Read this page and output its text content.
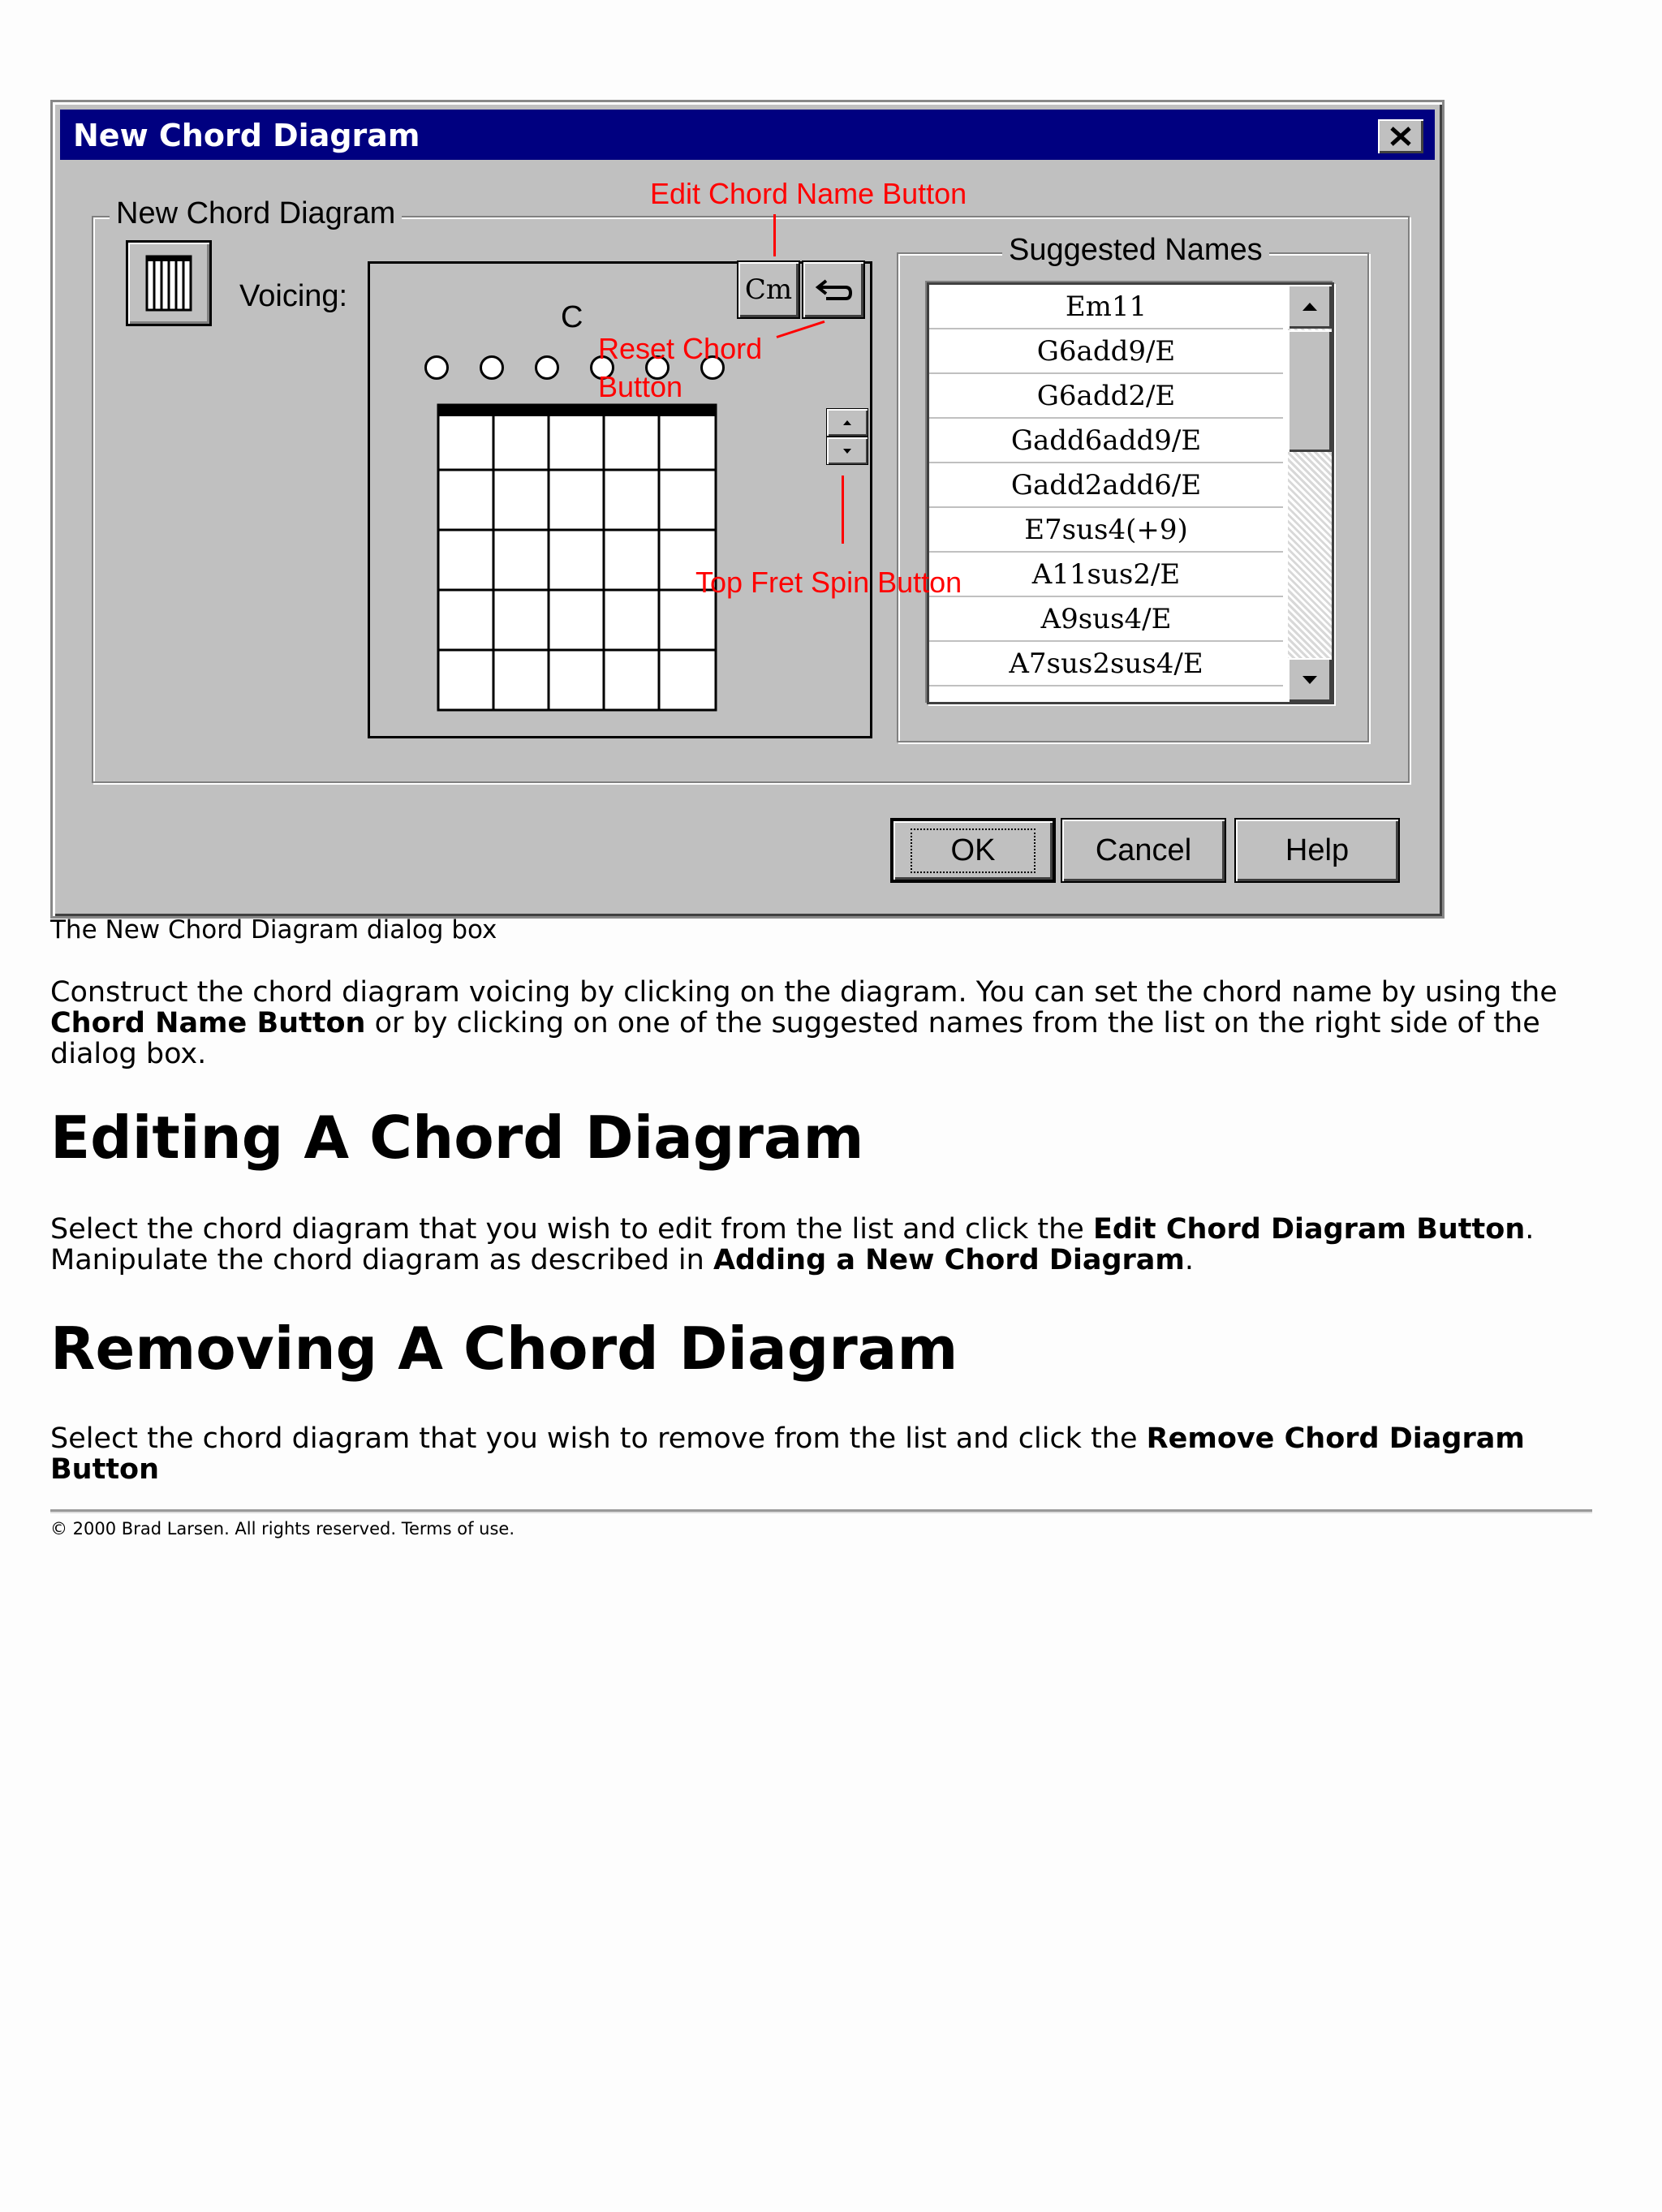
New Chord Diagram
New Chord Diagram
Voicing:
C
Cm
Suggested Names
Em11
G6add9/E
G6add2/E
Gadd6add9/E
Gadd2add6/E
E7sus4(+9)
A11sus2/E
A9sus4/E
A7sus2sus4/E
OK	Cancel	Help
Edit Chord Name Button
Reset Chord
Button
Top Fret Spin Button
The New Chord Diagram dialog box
Construct the chord diagram voicing by clicking on the diagram. You can set the chord name by using the Chord Name Button or by clicking on one of the suggested names from the list on the right side of the dialog box.
Editing A Chord Diagram
Select the chord diagram that you wish to edit from the list and click the Edit Chord Diagram Button.
Manipulate the chord diagram as described in Adding a New Chord Diagram.
Removing A Chord Diagram
Select the chord diagram that you wish to remove from the list and click the Remove Chord Diagram Button
© 2000 Brad Larsen. All rights reserved. Terms of use.
